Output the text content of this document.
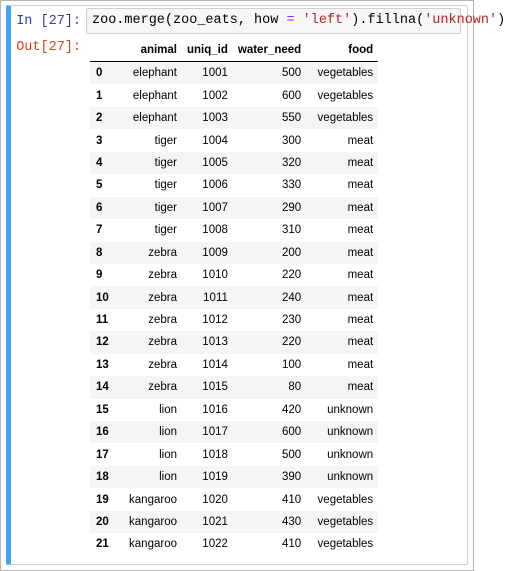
In [27]: zoo.merge(zoo_eats, how = 'left').fillna('unknown')
Out[27]:
		animal	uniq_id	water_need	food
0	elephant	1001	500	vegetables
1	elephant	1002	600	vegetables
2	elephant	1003	550	vegetables
3	tiger	1004	300	meat
4	tiger	1005	320	meat
5	tiger	1006	330	meat
6	tiger	1007	290	meat
7	tiger	1008	310	meat
8	zebra	1009	200	meat
9	zebra	1010	220	meat
10	zebra	1011	240	meat
11	zebra	1012	230	meat
12	zebra	1013	220	meat
13	zebra	1014	100	meat
14	zebra	1015	80	meat
15	lion	1016	420	unknown
16	lion	1017	600	unknown
17	lion	1018	500	unknown
18	lion	1019	390	unknown
19	kangaroo	1020	410	vegetables
20	kangaroo	1021	430	vegetables
21	kangaroo	1022	410	vegetables
